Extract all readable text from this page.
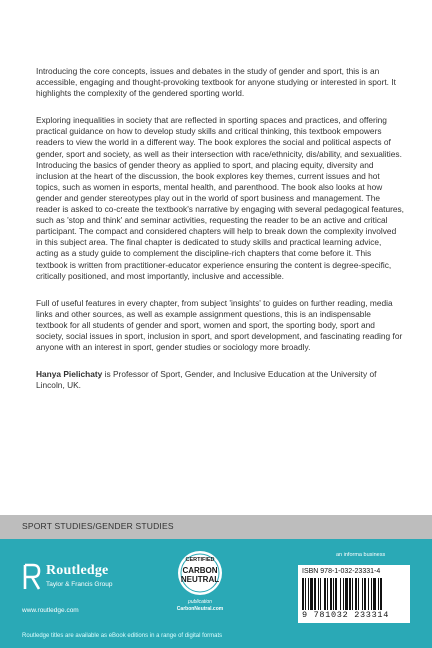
Introducing the core concepts, issues and debates in the study of gender and sport, this is an accessible, engaging and thought-provoking textbook for anyone studying or interested in sport. It highlights the complexity of the gendered sporting world.

Exploring inequalities in society that are reflected in sporting spaces and practices, and offering practical guidance on how to develop study skills and critical thinking, this textbook empowers readers to view the world in a different way. The book explores the social and political aspects of gender, sport and society, as well as their intersection with race/ethnicity, dis/ability, and sexualities. Introducing the basics of gender theory as applied to sport, and placing equity, diversity and inclusion at the heart of the discussion, the book explores key themes, current issues and hot topics, such as women in esports, mental health, and parenthood. The book also looks at how gender and gender stereotypes play out in the world of sport business and management. The reader is asked to co-create the textbook's narrative by engaging with several pedagogical features, such as 'stop and think' and seminar activities, requesting the reader to be an active and critical participant. The compact and considered chapters will help to break down the complexity involved in this subject area. The final chapter is dedicated to study skills and practical learning advice, acting as a study guide to complement the discipline-rich chapters that come before it. This textbook is written from practitioner-educator experience ensuring the content is degree-specific, critically positioned, and most importantly, inclusive and accessible.

Full of useful features in every chapter, from subject 'insights' to guides on further reading, media links and other sources, as well as example assignment questions, this is an indispensable textbook for all students of gender and sport, women and sport, the sporting body, sport and society, social issues in sport, inclusion in sport, and sport development, and fascinating reading for anyone with an interest in sport, gender studies or sociology more broadly.

Hanya Pielichaty is Professor of Sport, Gender, and Inclusive Education at the University of Lincoln, UK.

SPORT STUDIES/GENDER STUDIES
Routledge
Taylor & Francis Group
www.routledge.com
CERTIFIED
CARBON
NEUTRAL
publication
CarbonNeutral.com
an informa business
ISBN 978-1-032-23331-4
9 781032 233314
Routledge titles are available as eBook editions in a range of digital formats
